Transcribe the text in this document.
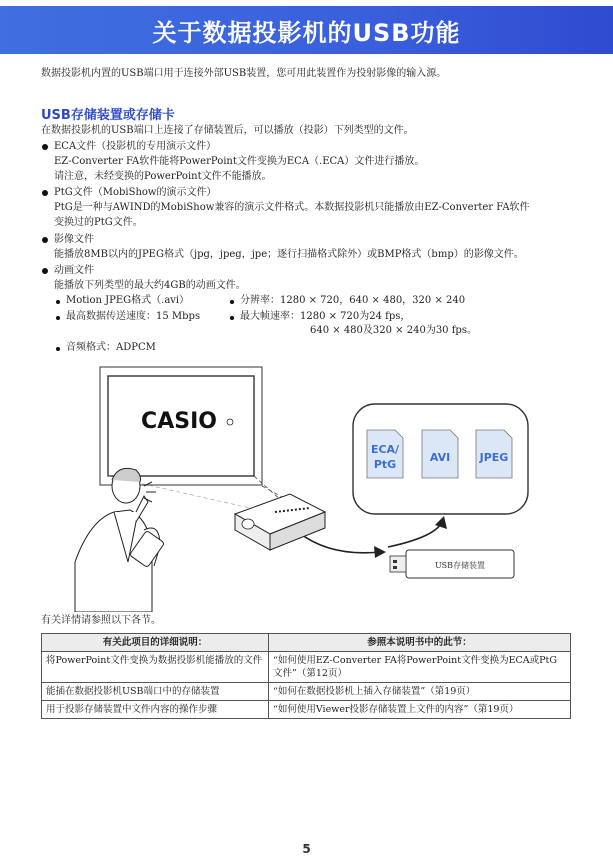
关于数据投影机的USB功能
数据投影机内置的USB端口用于连接外部USB装置，您可用此装置作为投射影像的输入源。
USB存储装置或存储卡
在数据投影机的USB端口上连接了存储装置后，可以播放（投影）下列类型的文件。
ECA文件（投影机的专用演示文件）
EZ-Converter FA软件能将PowerPoint文件变换为ECA（.ECA）文件进行播放。
请注意，未经变换的PowerPoint文件不能播放。
PtG文件（MobiShow的演示文件）
PtG是一种与AWIND的MobiShow兼容的演示文件格式。本数据投影机只能播放由EZ-Converter FA软件
变换过的PtG文件。
影像文件
能播放8MB以内的JPEG格式（jpg，jpeg，jpe；逐行扫描格式除外）或BMP格式（bmp）的影像文件。
动画文件
能播放下列类型的最大约4GB的动画文件。
Motion JPEG格式（.avi）	分辨率：1280 × 720，640 × 480，320 × 240
最高数据传送速度：15 Mbps	最大帧速率：1280 × 720为24 fps，
640 × 480及320 × 240为30 fps。
音频格式：ADPCM
CASIO
ECA/
PtG
AVI	JPEG
USB存储装置
有关详情请参照以下各节。
有关此项目的详细说明：	参照本说明书中的此节：
将PowerPoint文件变换为数据投影机能播放的文件	“如何使用EZ-Converter FA将PowerPoint文件变换为ECA或PtG文件”（第12页）
能插在数据投影机USB端口中的存储装置	“如何在数据投影机上插入存储装置”（第19页）
用于投影存储装置中文件内容的操作步骤	“如何使用Viewer投影存储装置上文件的内容”（第19页）
5
